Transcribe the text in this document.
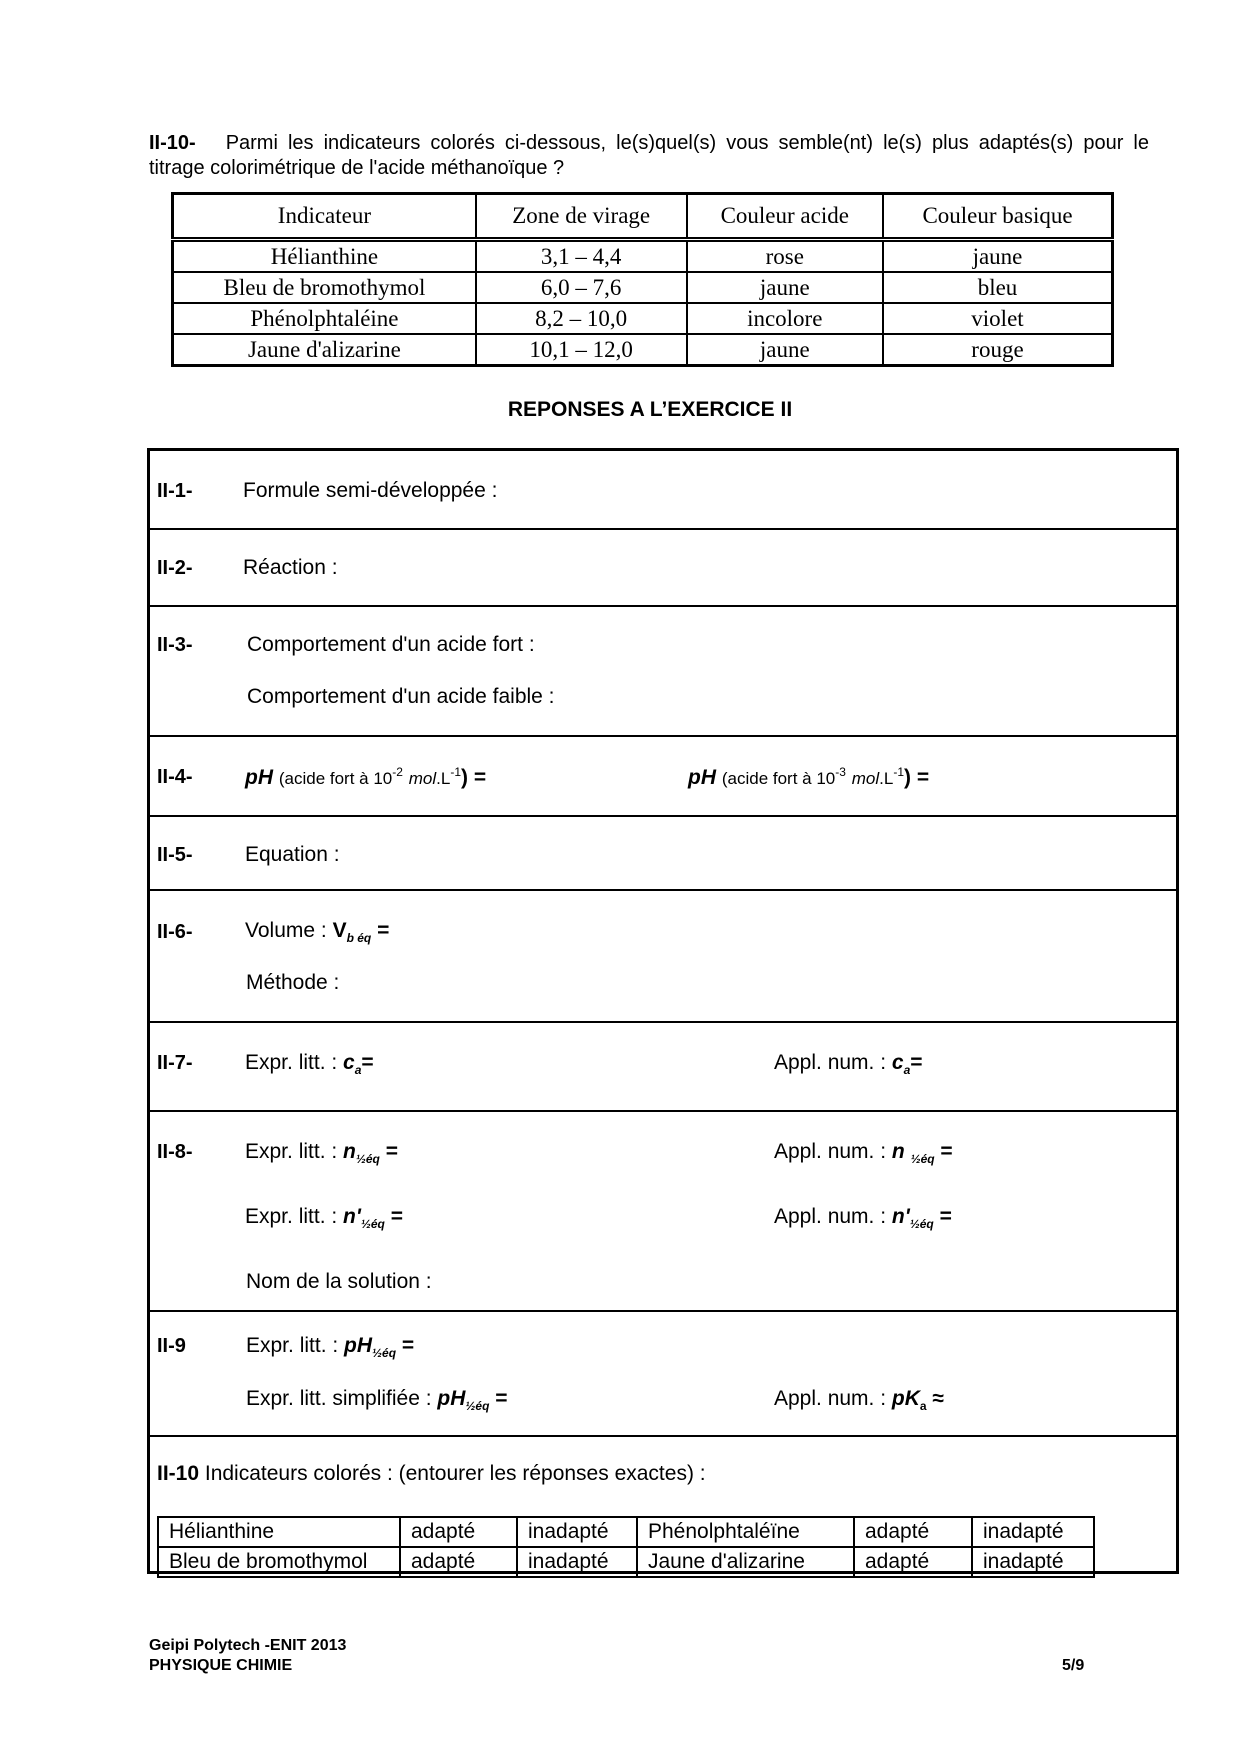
II-10- Parmi les indicateurs colorés ci-dessous, le(s)quel(s) vous semble(nt) le(s) plus adaptés(s) pour le titrage colorimétrique de l'acide méthanoïque ?
Indicateur	Zone de virage	Couleur acide	Couleur basique
Hélianthine	3,1 – 4,4	rose	jaune
Bleu de bromothymol	6,0 – 7,6	jaune	bleu
Phénolphtaléine	8,2 – 10,0	incolore	violet
Jaune d'alizarine	10,1 – 12,0	jaune	rouge
REPONSES A L’EXERCICE II
II-1- Formule semi-développée :
II-2- Réaction :
II-3-	Comportement d'un acide fort :
Comportement d'un acide faible :
II-4- pH (acide fort à $10^{-2}$ $mol.L^{-1}$) =	pH (acide fort à $10^{-3}$ $mol.L^{-1}$) =
II-5- Equation :
II-6- Volume : $V_{b éq}$ =
Méthode :
II-7- Expr. litt. : $c_a=$	Appl. num. : $c_a=$
II-8- Expr. litt. : $n_{\frac{1}{2}éq}$ =	Appl. num. : n $_{\frac{1}{2}éq}$ =
Expr. litt. : $n'_{\frac{1}{2}éq}$ =	Appl. num. : $n'_{\frac{1}{2}éq}$ =
Nom de la solution :
II-9	Expr. litt. : $pH_{\frac{1}{2}éq}$ =
Expr. litt. simplifiée : $pH_{\frac{1}{2}éq}$ =	Appl. num. : $pK_a$ ≈
II-10 Indicateurs colorés : (entourer les réponses exactes) :
Hélianthine	adapté	inadapté	Phénolphtaléïne	adapté	inadapté
Bleu de bromothymol	adapté	inadapté	Jaune d'alizarine	adapté	inadapté
Geipi Polytech -ENIT 2013
PHYSIQUE CHIMIE	5/9
